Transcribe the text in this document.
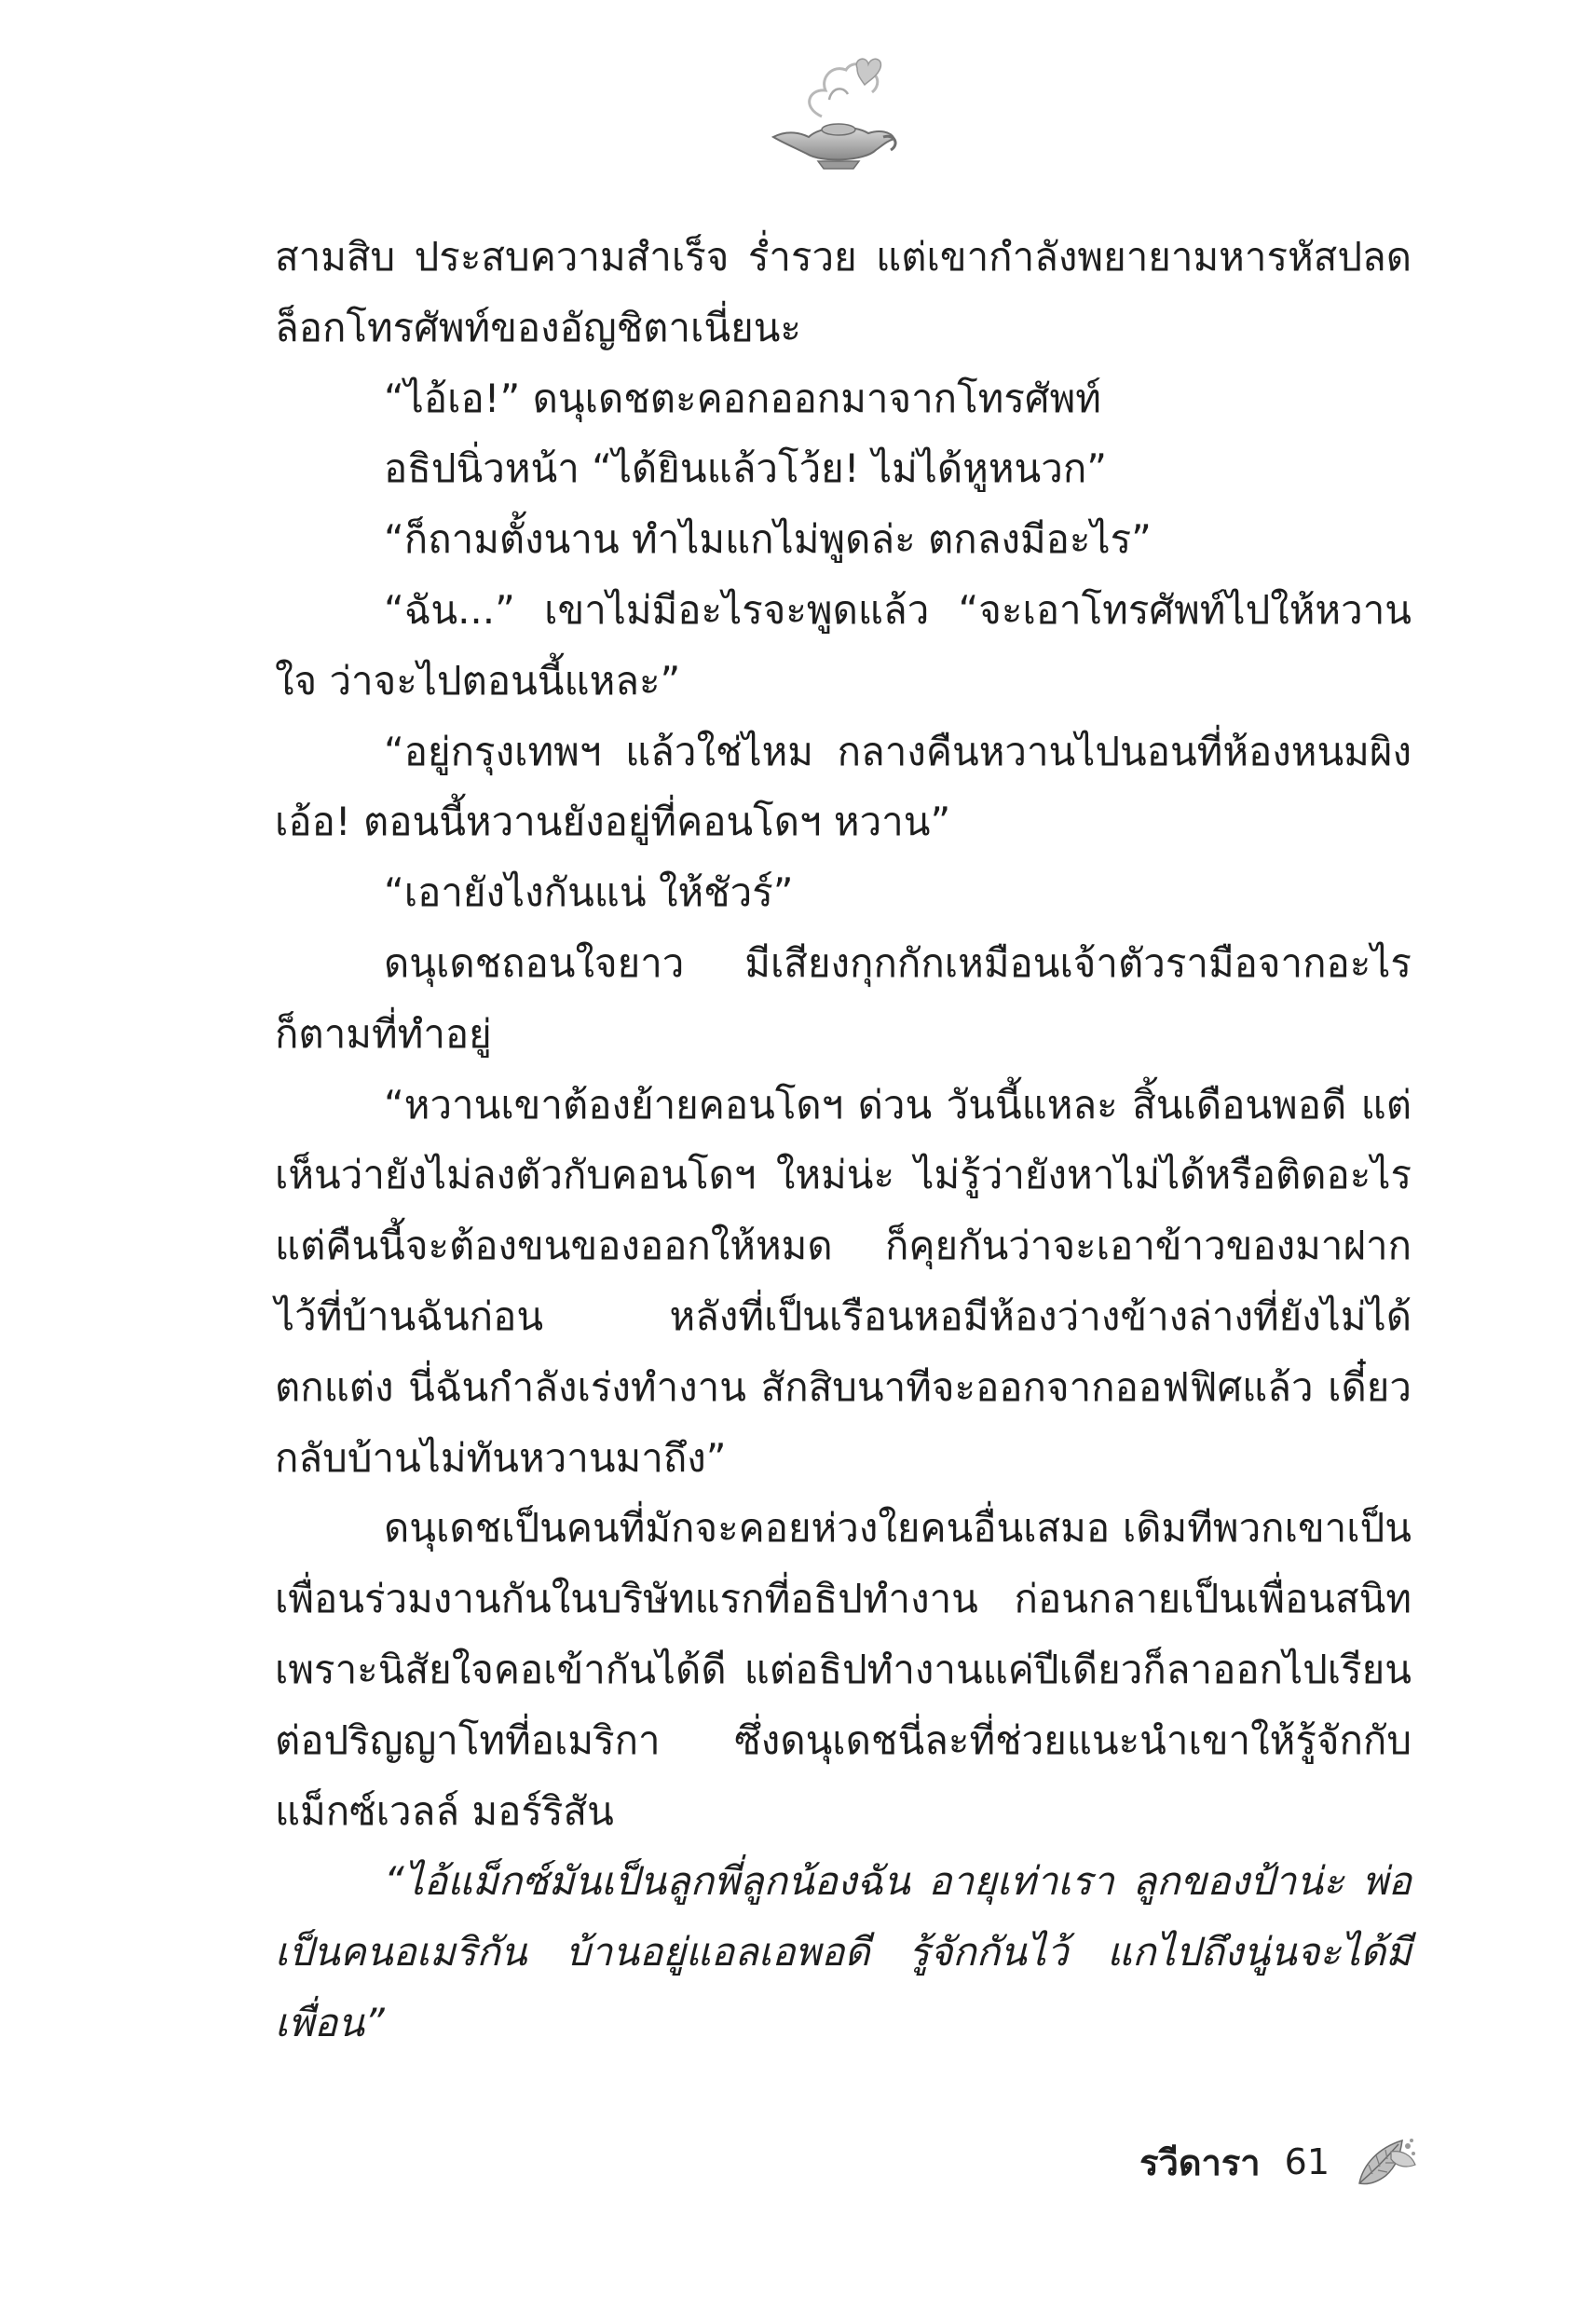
สามสิบ ประสบความสำเร็จ ร่ำรวย แต่เขากำลังพยายามหารหัสปลดล็อกโทรศัพท์ของอัญชิตาเนี่ยนะ

“ไอ้เอ!” ดนุเดชตะคอกออกมาจากโทรศัพท์

อธิปนิ่วหน้า “ได้ยินแล้วโว้ย! ไม่ได้หูหนวก”

“ก็ถามตั้งนาน ทำไมแกไม่พูดล่ะ ตกลงมีอะไร”

“ฉัน...” เขาไม่มีอะไรจะพูดแล้ว “จะเอาโทรศัพท์ไปให้หวานใจ ว่าจะไปตอนนี้แหละ”

“อยู่กรุงเทพฯ แล้วใช่ไหม กลางคืนหวานไปนอนที่ห้องหนมผิง เอ้อ! ตอนนี้หวานยังอยู่ที่คอนโดฯ หวาน”

“เอายังไงกันแน่ ให้ชัวร์”

ดนุเดชถอนใจยาว มีเสียงกุกกักเหมือนเจ้าตัวรามือจากอะไรก็ตามที่ทำอยู่

“หวานเขาต้องย้ายคอนโดฯ ด่วน วันนี้แหละ สิ้นเดือนพอดี แต่เห็นว่ายังไม่ลงตัวกับคอนโดฯ ใหม่น่ะ ไม่รู้ว่ายังหาไม่ได้หรือติดอะไร แต่คืนนี้จะต้องขนของออกให้หมด ก็คุยกันว่าจะเอาข้าวของมาฝากไว้ที่บ้านฉันก่อน หลังที่เป็นเรือนหอมีห้องว่างข้างล่างที่ยังไม่ได้ตกแต่ง นี่ฉันกำลังเร่งทำงาน สักสิบนาทีจะออกจากออฟฟิศแล้ว เดี๋ยวกลับบ้านไม่ทันหวานมาถึง”

ดนุเดชเป็นคนที่มักจะคอยห่วงใยคนอื่นเสมอ เดิมทีพวกเขาเป็นเพื่อนร่วมงานกันในบริษัทแรกที่อธิปทำงาน ก่อนกลายเป็นเพื่อนสนิทเพราะนิสัยใจคอเข้ากันได้ดี แต่อธิปทำงานแค่ปีเดียวก็ลาออกไปเรียนต่อปริญญาโทที่อเมริกา ซึ่งดนุเดชนี่ละที่ช่วยแนะนำเขาให้รู้จักกับแม็กซ์เวลล์ มอร์ริสัน

“ไอ้แม็กซ์มันเป็นลูกพี่ลูกน้องฉัน อายุเท่าเรา ลูกของป้าน่ะ พ่อเป็นคนอเมริกัน บ้านอยู่แอลเอพอดี รู้จักกันไว้ แกไปถึงนู่นจะได้มีเพื่อน”

รวีดารา 61
